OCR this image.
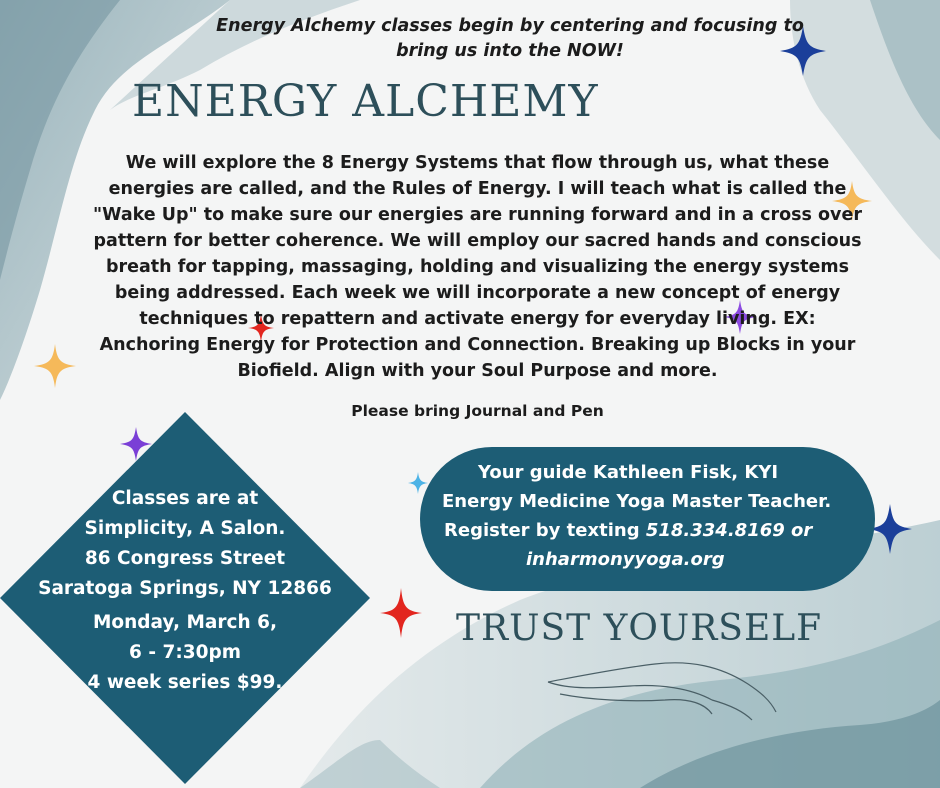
Energy Alchemy classes begin by centering and focusing to
bring us into the NOW!
ENERGY ALCHEMY
We will explore the 8 Energy Systems that flow through us, what these
energies are called, and the Rules of Energy. I will teach what is called the
"Wake Up" to make sure our energies are running forward and in a cross over
pattern for better coherence. We will employ our sacred hands and conscious
breath for tapping, massaging, holding and visualizing the energy systems
being addressed. Each week we will incorporate a new concept of energy
techniques to repattern and activate energy for everyday living. EX:
Anchoring Energy for Protection and Connection. Breaking up Blocks in your
Biofield. Align with your Soul Purpose and more.
Please bring Journal and Pen
Classes are at
Simplicity, A Salon.
86 Congress Street
Saratoga Springs, NY 12866
Monday, March 6,
6 - 7:30pm
4 week series $99.
Your guide Kathleen Fisk, KYI
Energy Medicine Yoga Master Teacher.
Register by texting 518.334.8169 or
inharmonyyoga.org
TRUST YOURSELF
